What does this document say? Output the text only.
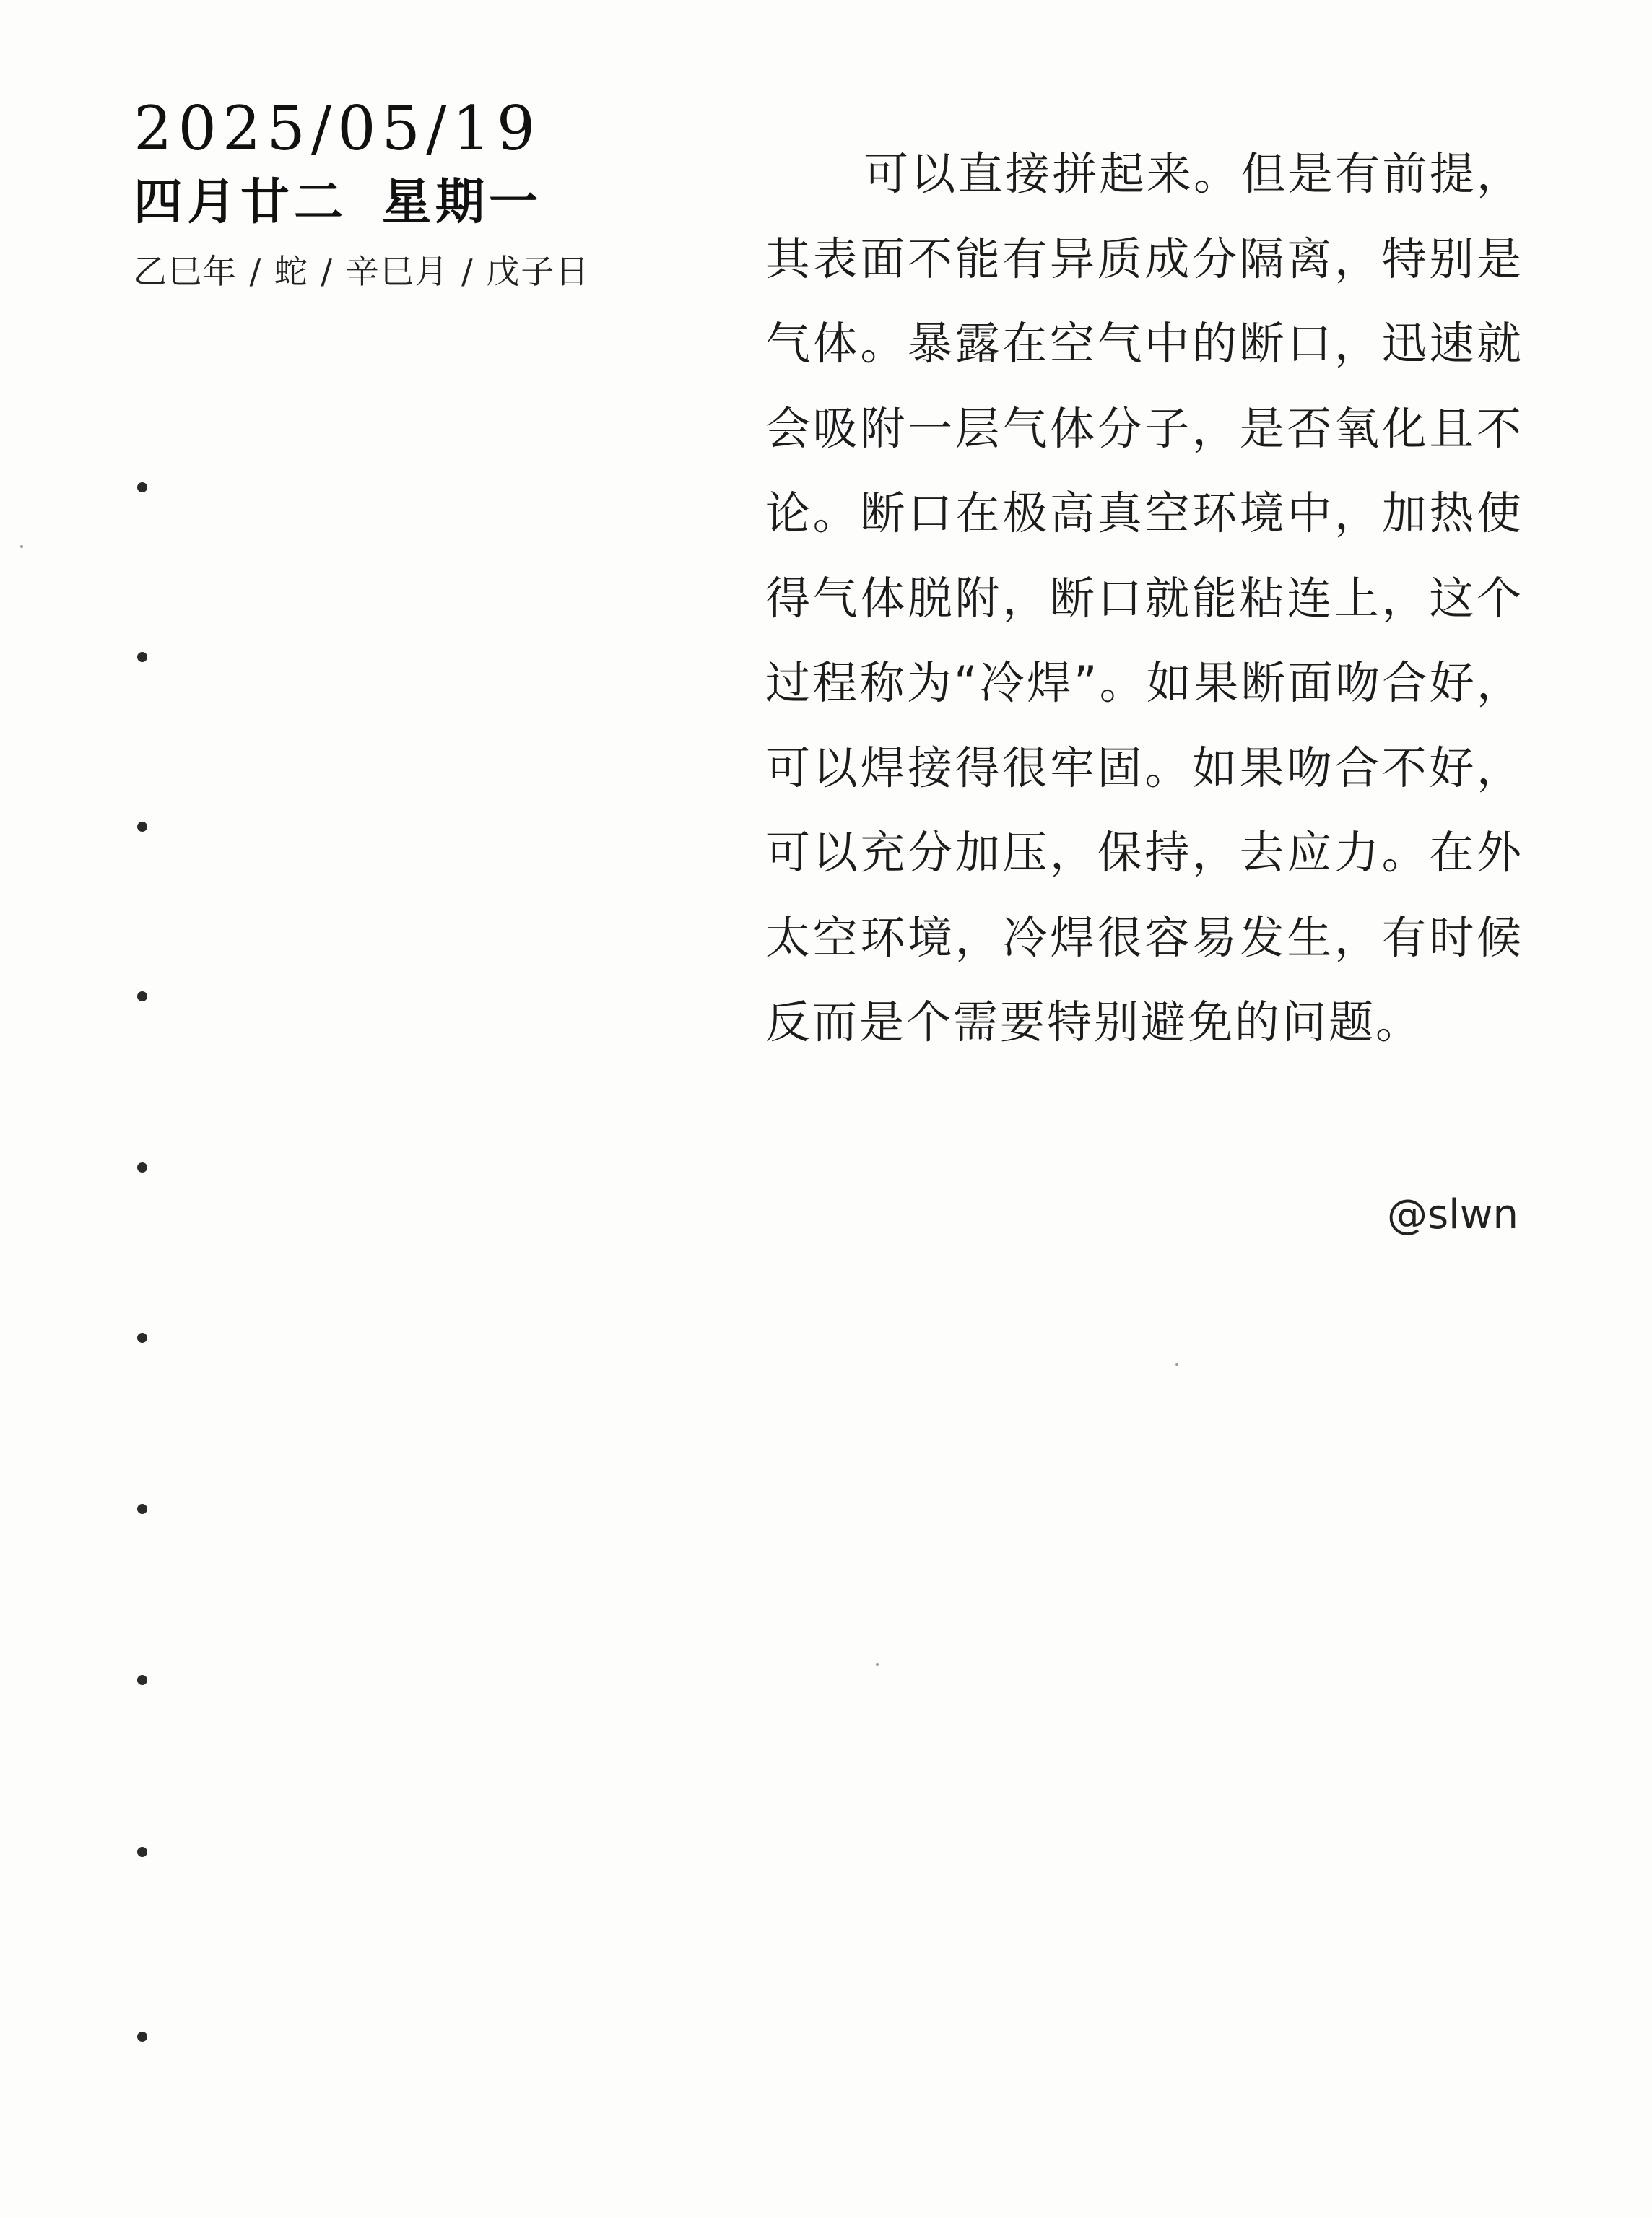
2025/05/19
四月廿二 星期一
乙巳年 / 蛇 / 辛巳月 / 戊子日

可以直接拼起来。但是有前提，其表面不能有异质成分隔离，特别是气体。暴露在空气中的断口，迅速就会吸附一层气体分子，是否氧化且不论。断口在极高真空环境中，加热使得气体脱附，断口就能粘连上，这个过程称为“冷焊”。如果断面吻合好，可以焊接得很牢固。如果吻合不好，可以充分加压，保持，去应力。在外太空环境，冷焊很容易发生，有时候反而是个需要特别避免的问题。

@slwn
